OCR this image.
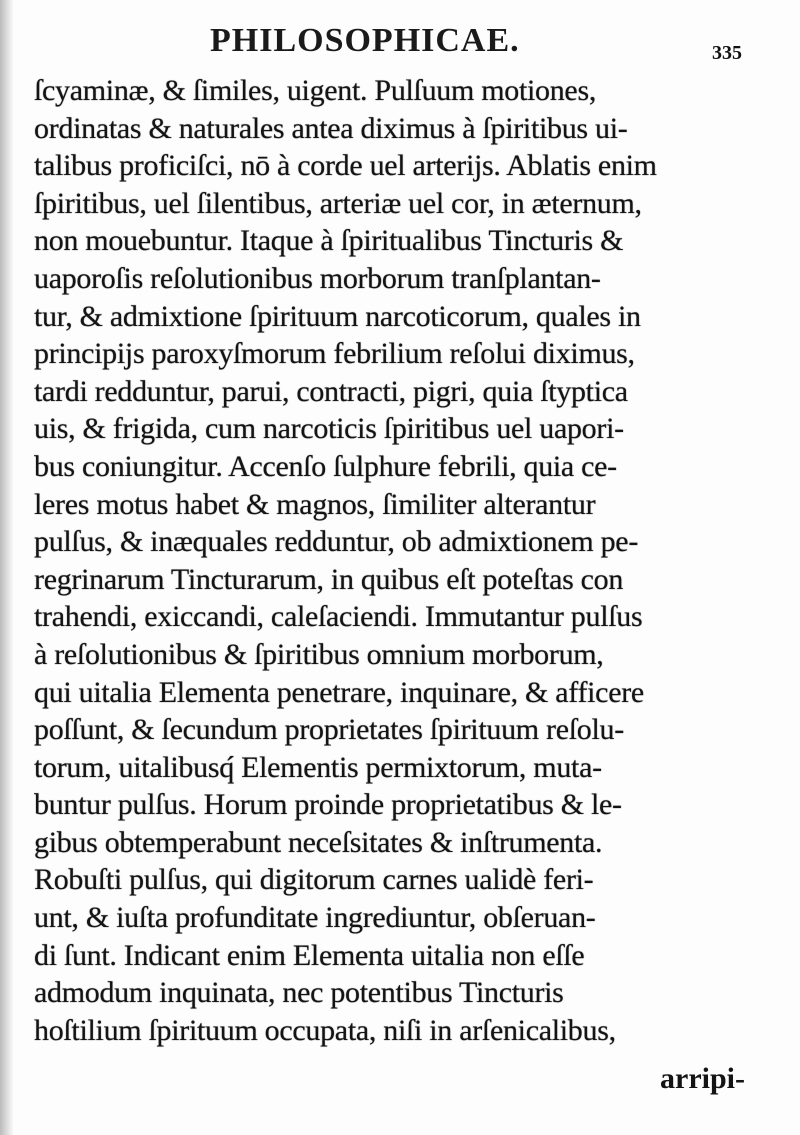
PHILOSOPHICAE.	335
ſcyaminæ, & ſimiles, uigent. Pulſuum motiones,
ordinatas & naturales antea diximus à ſpiritibus ui-
talibus proficiſci, nō à corde uel arterijs. Ablatis enim
ſpiritibus, uel ſilentibus, arteriæ uel cor, in æternum,
non mouebuntur. Itaque à ſpiritualibus Tincturis &
uaporoſis reſolutionibus morborum tranſplantan-
tur, & admixtione ſpirituum narcoticorum, quales in
principijs paroxyſmorum febrilium reſolui diximus,
tardi redduntur, parui, contracti, pigri, quia ſtyptica
uis, & frigida, cum narcoticis ſpiritibus uel uapori-
bus coniungitur. Accenſo ſulphure febrili, quia ce-
leres motus habet & magnos, ſimiliter alterantur
pulſus, & inæquales redduntur, ob admixtionem pe-
regrinarum Tincturarum, in quibus eſt poteſtas con
trahendi, exiccandi, caleſaciendi. Immutantur pulſus
à reſolutionibus & ſpiritibus omnium morborum,
qui uitalia Elementa penetrare, inquinare, & afficere
poſſunt, & ſecundum proprietates ſpirituum reſolu-
torum, uitalibusq́ Elementis permixtorum, muta-
buntur pulſus. Horum proinde proprietatibus & le-
gibus obtemperabunt neceſsitates & inſtrumenta.
Robuſti pulſus, qui digitorum carnes ualidè feri-
unt, & iuſta profunditate ingrediuntur, obſeruan-
di ſunt. Indicant enim Elementa uitalia non eſſe
admodum inquinata, nec potentibus Tincturis
hoſtilium ſpirituum occupata, niſi in arſenicalibus,
arripi-
